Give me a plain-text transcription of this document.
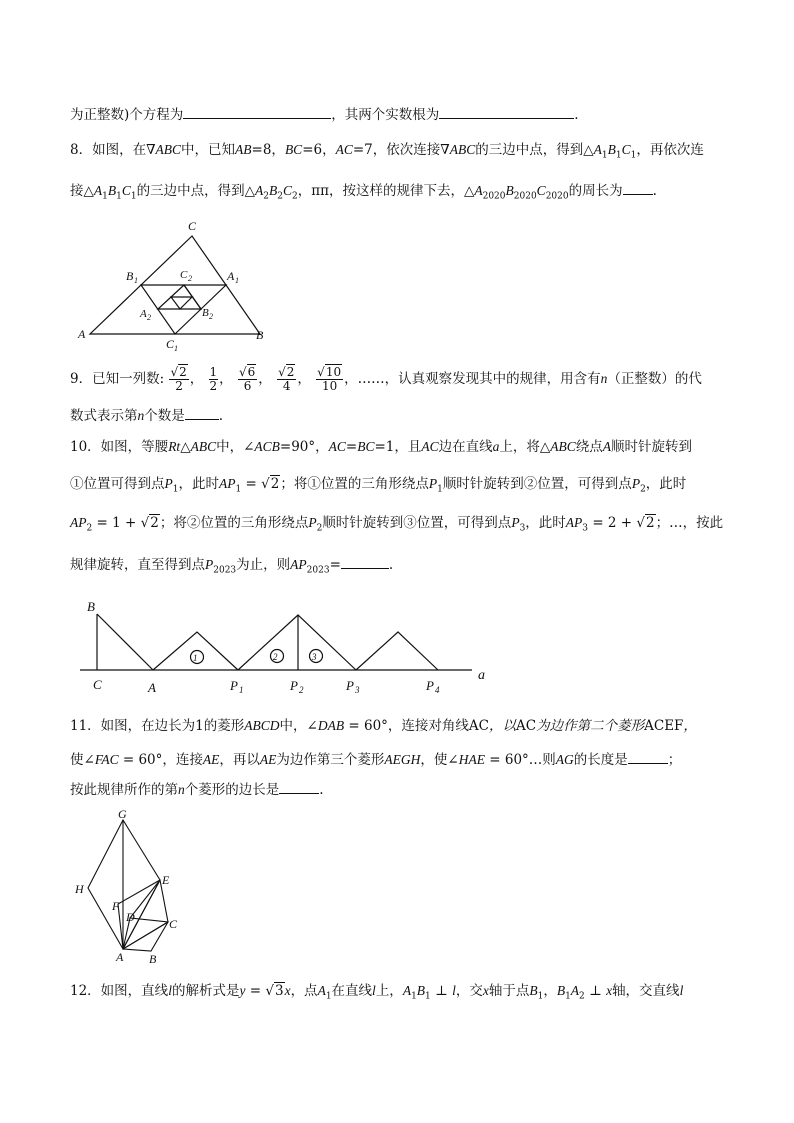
为正整数)个方程为	，其两个实数根为	.
8．如图，在∇ABC中，已知AB=8，BC=6，AC=7，依次连接∇ABC的三边中点，得到$\triangle A_1B_1C_1$，再依次连
接$\triangle A_1B_1C_1$的三边中点，得到$\triangle A_2B_2C_2$，ππ，按这样的规律下去，$\triangle A_{2020}B_{2020}C_{2020}$的周长为 .
C
B 1	C 2	A 1
A 2	B 2
A	B
C 1
9．已知一列数: $\frac{√2}{2}$ ， $\frac{1}{2}$ ， $\frac{√6}{6}$ ， $\frac{√2}{4}$ ， $\frac{√10}{10}$ ，……，认真观察发现其中的规律，用含有n（正整数）的代
数式表示第n个数是	.
10．如图，等腰Rt△ABC中，∠ACB=90°，AC=BC=1，且AC边在直线a上，将△ABC绕点A顺时针旋转到
①位置可得到点$P_1$，此时$AP_1 = √2$；将①位置的三角形绕点$P_1$顺时针旋转到②位置，可得到点$P_2$，此时
$AP_2 = 1 + √2$；将②位置的三角形绕点$P_2$顺时针旋转到③位置，可得到点$P_3$，此时$AP_3 = 2 + √2$；…，按此
规律旋转，直至得到点$P_{2023}$为止，则$AP_{2023}=$	.
B
C	A	P 1	P 2	P 3	P 4
a
1	2	3
11．如图，在边长为1的菱形ABCD中，∠DAB = 60°，连接对角线AC，以AC为边作第二个菱形ACEF，
使∠FAC = 60°，连接AE，再以AE为边作第三个菱形AEGH，使∠HAE = 60°…则AG的长度是	；
按此规律所作的第n个菱形的边长是	.
G
H
E
F
D	C
A B
12．如图，直线l的解析式是y = √3x，点$A_1$在直线l上，$A_1B_1$ ⊥ l，交x轴于点$B_1$，$B_1A_2$ ⊥ x轴，交直线l
